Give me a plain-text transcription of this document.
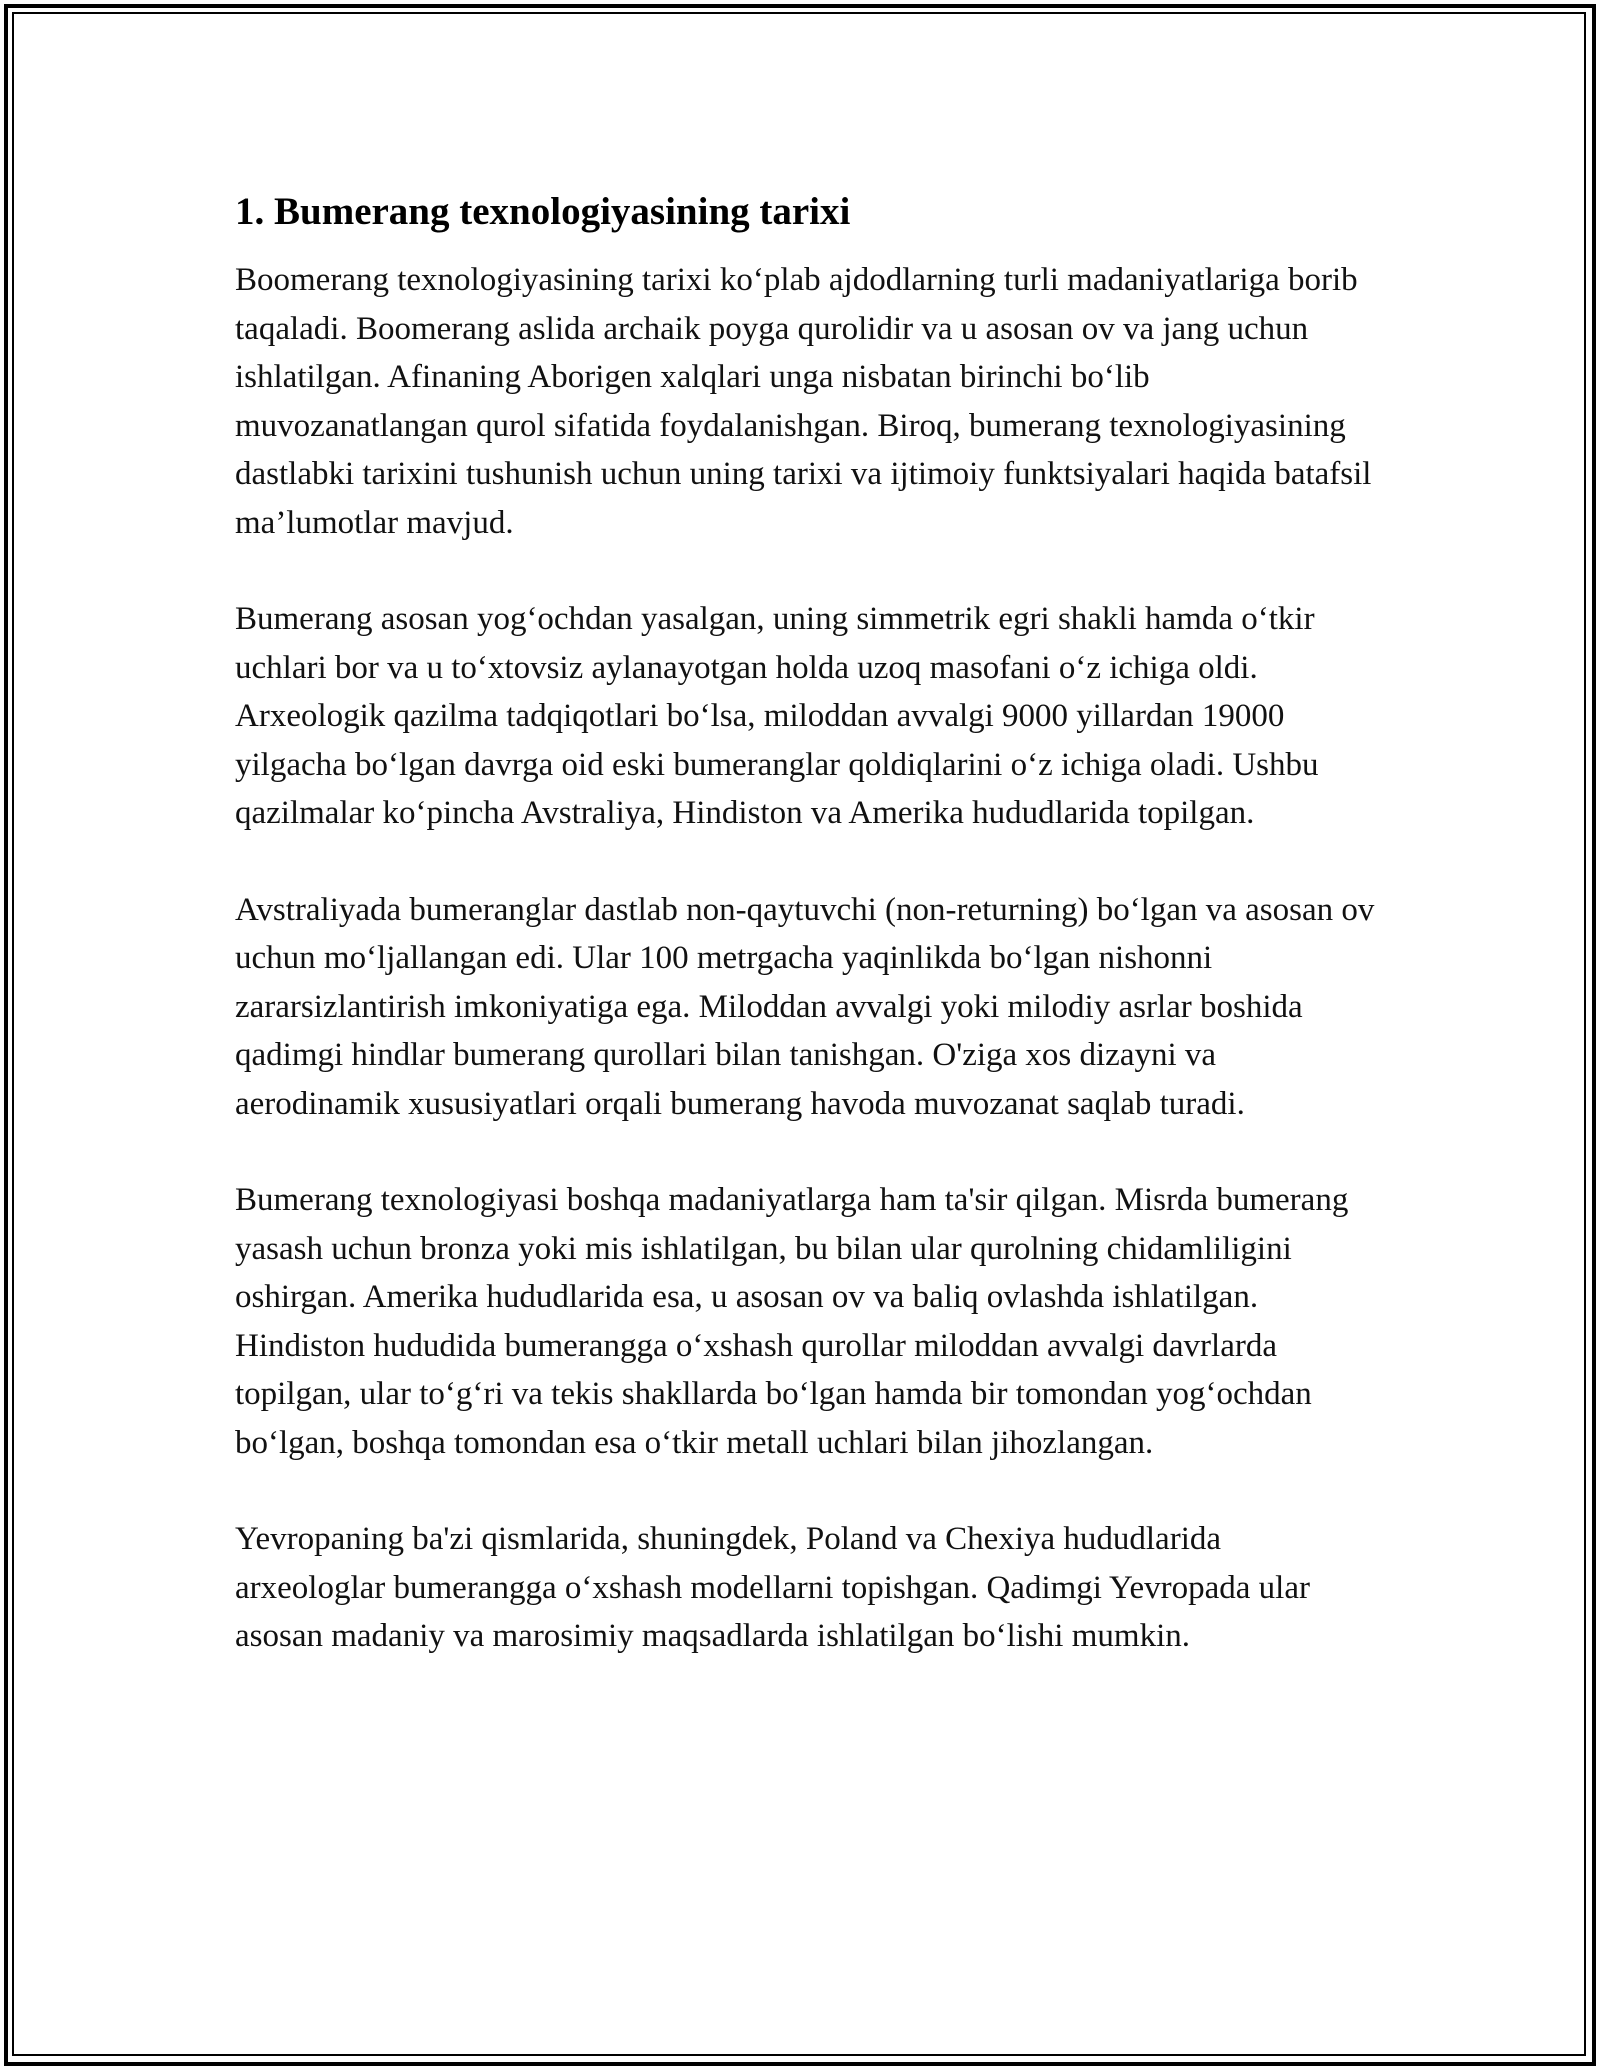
1. Bumerang texnologiyasining tarixi

Boomerang texnologiyasining tarixi ko‘plab ajdodlarning turli madaniyatlariga borib taqaladi. Boomerang aslida archaik poyga qurolidir va u asosan ov va jang uchun ishlatilgan. Afinaning Aborigen xalqlari unga nisbatan birinchi bo‘lib muvozanatlangan qurol sifatida foydalanishgan. Biroq, bumerang texnologiyasining dastlabki tarixini tushunish uchun uning tarixi va ijtimoiy funktsiyalari haqida batafsil ma’lumotlar mavjud.

Bumerang asosan yog‘ochdan yasalgan, uning simmetrik egri shakli hamda o‘tkir uchlari bor va u to‘xtovsiz aylanayotgan holda uzoq masofani o‘z ichiga oldi. Arxeologik qazilma tadqiqotlari bo‘lsa, miloddan avvalgi 9000 yillardan 19000 yilgacha bo‘lgan davrga oid eski bumeranglar qoldiqlarini o‘z ichiga oladi. Ushbu qazilmalar ko‘pincha Avstraliya, Hindiston va Amerika hududlarida topilgan.

Avstraliyada bumeranglar dastlab non-qaytuvchi (non-returning) bo‘lgan va asosan ov uchun mo‘ljallangan edi. Ular 100 metrgacha yaqinlikda bo‘lgan nishonni zararsizlantirish imkoniyatiga ega. Miloddan avvalgi yoki milodiy asrlar boshida qadimgi hindlar bumerang qurollari bilan tanishgan. O'ziga xos dizayni va aerodinamik xususiyatlari orqali bumerang havoda muvozanat saqlab turadi.

Bumerang texnologiyasi boshqa madaniyatlarga ham ta'sir qilgan. Misrda bumerang yasash uchun bronza yoki mis ishlatilgan, bu bilan ular qurolning chidamliligini oshirgan. Amerika hududlarida esa, u asosan ov va baliq ovlashda ishlatilgan. Hindiston hududida bumerangga o‘xshash qurollar miloddan avvalgi davrlarda topilgan, ular to‘g‘ri va tekis shakllarda bo‘lgan hamda bir tomondan yog‘ochdan bo‘lgan, boshqa tomondan esa o‘tkir metall uchlari bilan jihozlangan.

Yevropaning ba'zi qismlarida, shuningdek, Poland va Chexiya hududlarida arxeologlar bumerangga o‘xshash modellarni topishgan. Qadimgi Yevropada ular asosan madaniy va marosimiy maqsadlarda ishlatilgan bo‘lishi mumkin.
